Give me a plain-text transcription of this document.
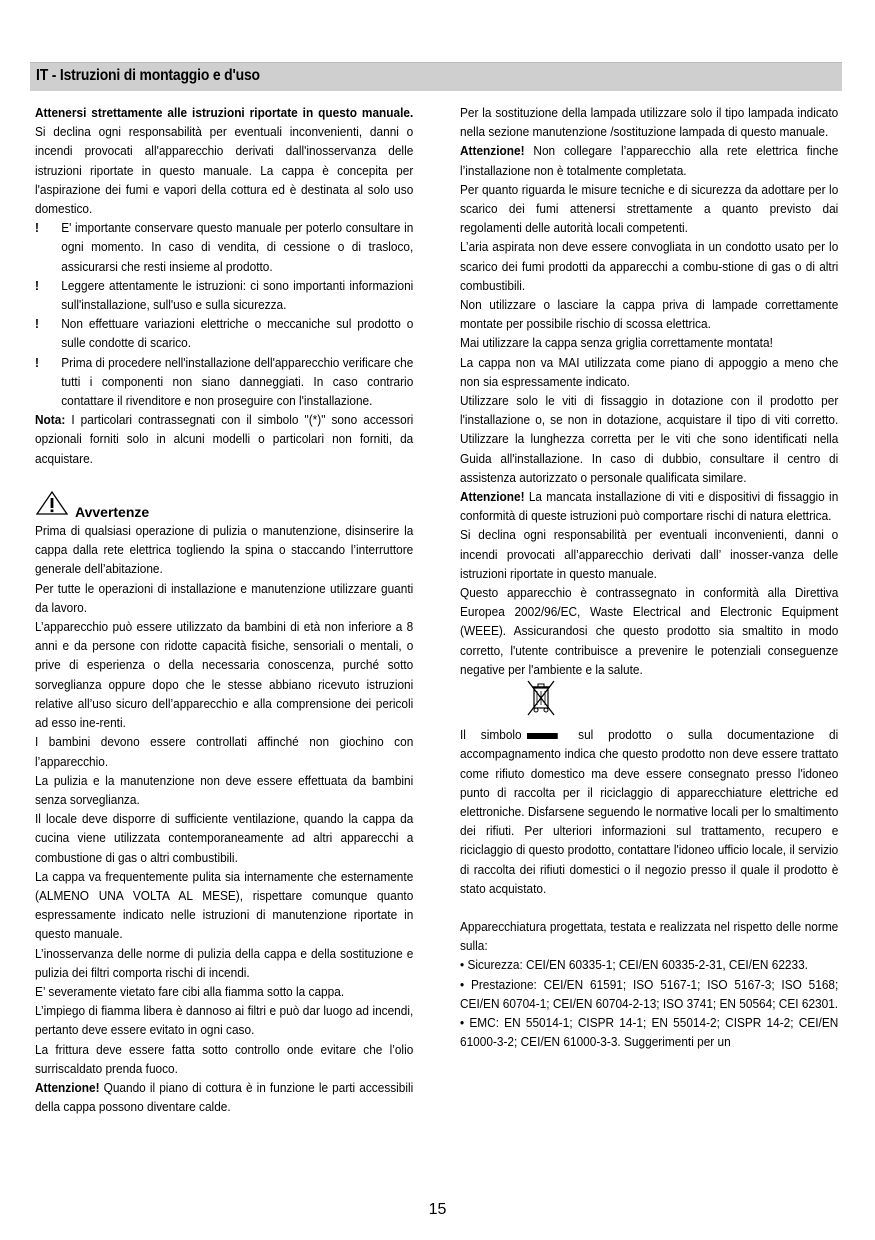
IT - Istruzioni di montaggio e d'uso

Attenersi strettamente alle istruzioni riportate in questo manuale. Si declina ogni responsabilità per eventuali inconvenienti, danni o incendi provocati all'apparecchio derivati dall'inosservanza delle istruzioni riportate in questo manuale. La cappa è concepita per l'aspirazione dei fumi e vapori della cottura ed è destinata al solo uso domestico.

!	E' importante conservare questo manuale per poterlo consultare in ogni momento. In caso di vendita, di cessione o di trasloco, assicurarsi che resti insieme al prodotto.
!	Leggere attentamente le istruzioni: ci sono importanti informazioni sull'installazione, sull'uso e sulla sicurezza.
!	Non effettuare variazioni elettriche o meccaniche sul prodotto o sulle condotte di scarico.
!	Prima di procedere nell'installazione dell'apparecchio verificare che tutti i componenti non siano danneggiati. In caso contrario contattare il rivenditore e non proseguire con l'installazione.

Nota: I particolari contrassegnati con il simbolo "(*)" sono accessori opzionali forniti solo in alcuni modelli o particolari non forniti, da acquistare.

Avvertenze

Prima di qualsiasi operazione di pulizia o manutenzione, disinserire la cappa dalla rete elettrica togliendo la spina o staccando l’interruttore generale dell’abitazione.

Per tutte le operazioni di installazione e manutenzione utilizzare guanti da lavoro.

L’apparecchio può essere utilizzato da bambini di età non inferiore a 8 anni e da persone con ridotte capacità fisiche, sensoriali o mentali, o prive di esperienza o della necessaria conoscenza, purché sotto sorveglianza oppure dopo che le stesse abbiano ricevuto istruzioni relative all’uso sicuro dell’apparecchio e alla comprensione dei pericoli ad esso ine-renti.

I bambini devono essere controllati affinché non giochino con l’apparecchio.

La pulizia e la manutenzione non deve essere effettuata da bambini senza sorveglianza.

Il locale deve disporre di sufficiente ventilazione, quando la cappa da cucina viene utilizzata contemporaneamente ad altri apparecchi a combustione di gas o altri combustibili.

La cappa va frequentemente pulita sia internamente che esternamente (ALMENO UNA VOLTA AL MESE), rispettare comunque quanto espressamente indicato nelle istruzioni di manutenzione riportate in questo manuale.

L’inosservanza delle norme di pulizia della cappa e della sostituzione e pulizia dei filtri comporta rischi di incendi.

E’ severamente vietato fare cibi alla fiamma sotto la cappa.

L’impiego di fiamma libera è dannoso ai filtri e può dar luogo ad incendi, pertanto deve essere evitato in ogni caso.

La frittura deve essere fatta sotto controllo onde evitare che l’olio surriscaldato prenda fuoco.

Attenzione! Quando il piano di cottura è in funzione le parti accessibili della cappa possono diventare calde.

Per la sostituzione della lampada utilizzare solo il tipo lampada indicato nella sezione manutenzione /sostituzione lampada di questo manuale.

Attenzione! Non collegare l’apparecchio alla rete elettrica finche l’installazione non è totalmente completata.

Per quanto riguarda le misure tecniche e di sicurezza da adottare per lo scarico dei fumi attenersi strettamente a quanto previsto dai regolamenti delle autorità locali competenti.

L’aria aspirata non deve essere convogliata in un condotto usato per lo scarico dei fumi prodotti da apparecchi a combu-stione di gas o di altri combustibili.

Non utilizzare o lasciare la cappa priva di lampade correttamente montate per possibile rischio di scossa elettrica.

Mai utilizzare la cappa senza griglia correttamente montata!

La cappa non va MAI utilizzata come piano di appoggio a meno che non sia espressamente indicato.

Utilizzare solo le viti di fissaggio in dotazione con il prodotto per l'installazione o, se non in dotazione, acquistare il tipo di viti corretto. Utilizzare la lunghezza corretta per le viti che sono identificati nella Guida all'installazione. In caso di dubbio, consultare il centro di assistenza autorizzato o personale qualificata similare.

Attenzione! La mancata installazione di viti e dispositivi di fissaggio in conformità di queste istruzioni può comportare rischi di natura elettrica.

Si declina ogni responsabilità per eventuali inconvenienti, danni o incendi provocati all’apparecchio derivati dall’ inosser-vanza delle istruzioni riportate in questo manuale.

Questo apparecchio è contrassegnato in conformità alla Direttiva Europea 2002/96/EC, Waste Electrical and Electronic Equipment (WEEE). Assicurandosi che questo prodotto sia smaltito in modo corretto, l'utente contribuisce a prevenire le potenziali conseguenze negative per l'ambiente e la salute.

Il simbolo	sul prodotto o sulla documentazione di accompagnamento indica che questo prodotto non deve essere trattato come rifiuto domestico ma deve essere consegnato presso l'idoneo punto di raccolta per il riciclaggio di apparecchiature elettriche ed elettroniche. Disfarsene seguendo le normative locali per lo smaltimento dei rifiuti. Per ulteriori informazioni sul trattamento, recupero e riciclaggio di questo prodotto, contattare l'idoneo ufficio locale, il servizio di raccolta dei rifiuti domestici o il negozio presso il quale il prodotto è stato acquistato.

Apparecchiatura progettata, testata e realizzata nel rispetto delle norme sulla:

• Sicurezza: CEI/EN 60335-1; CEI/EN 60335-2-31, CEI/EN 62233.

• Prestazione: CEI/EN 61591; ISO 5167-1; ISO 5167-3; ISO 5168; CEI/EN 60704-1; CEI/EN 60704-2-13; ISO 3741; EN 50564; CEI 62301.

• EMC: EN 55014-1; CISPR 14-1; EN 55014-2; CISPR 14-2; CEI/EN 61000-3-2; CEI/EN 61000-3-3. Suggerimenti per un

15
